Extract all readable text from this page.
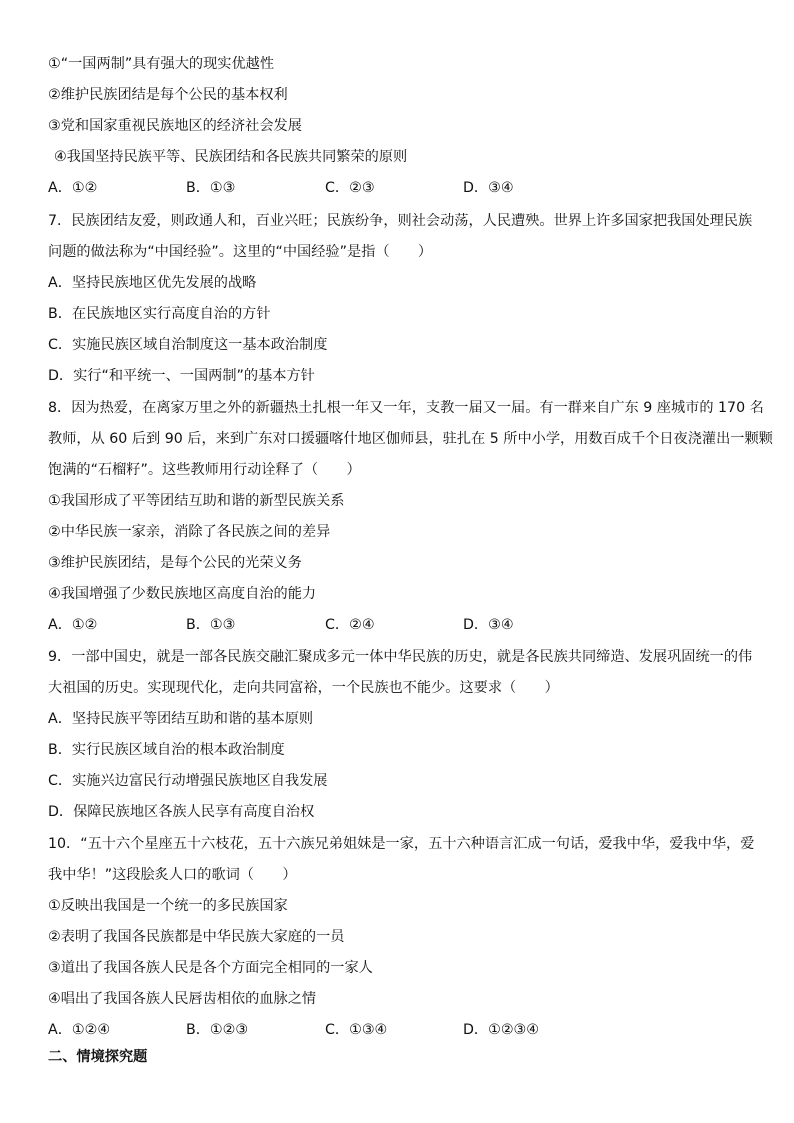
①“一国两制”具有强大的现实优越性
②维护民族团结是每个公民的基本权利
③党和国家重视民族地区的经济社会发展
④我国坚持民族平等、民族团结和各民族共同繁荣的原则
A．①②	B．①③	C．②③	D．③④
7．民族团结友爱，则政通人和，百业兴旺；民族纷争，则社会动荡，人民遭殃。世界上许多国家把我国处理民族
问题的做法称为“中国经验”。这里的“中国经验”是指（　　）
A．坚持民族地区优先发展的战略
B．在民族地区实行高度自治的方针
C．实施民族区域自治制度这一基本政治制度
D．实行“和平统一、一国两制”的基本方针
8．因为热爱，在离家万里之外的新疆热土扎根一年又一年，支教一届又一届。有一群来自广东 9 座城市的 170 名
教师，从 60 后到 90 后，来到广东对口援疆喀什地区伽师县，驻扎在 5 所中小学，用数百成千个日夜浇灌出一颗颗
饱满的“石榴籽”。这些教师用行动诠释了（　　）
①我国形成了平等团结互助和谐的新型民族关系
②中华民族一家亲，消除了各民族之间的差异
③维护民族团结，是每个公民的光荣义务
④我国增强了少数民族地区高度自治的能力
A．①②	B．①③	C．②④	D．③④
9．一部中国史，就是一部各民族交融汇聚成多元一体中华民族的历史，就是各民族共同缔造、发展巩固统一的伟
大祖国的历史。实现现代化，走向共同富裕，一个民族也不能少。这要求（　　）
A．坚持民族平等团结互助和谐的基本原则
B．实行民族区域自治的根本政治制度
C．实施兴边富民行动增强民族地区自我发展
D．保障民族地区各族人民享有高度自治权
10．“五十六个星座五十六枝花，五十六族兄弟姐妹是一家，五十六种语言汇成一句话，爱我中华，爱我中华，爱
我中华！”这段脍炙人口的歌词（　　）
①反映出我国是一个统一的多民族国家
②表明了我国各民族都是中华民族大家庭的一员
③道出了我国各族人民是各个方面完全相同的一家人
④唱出了我国各族人民唇齿相依的血脉之情
A．①②④	B．①②③	C．①③④	D．①②③④
二、情境探究题
